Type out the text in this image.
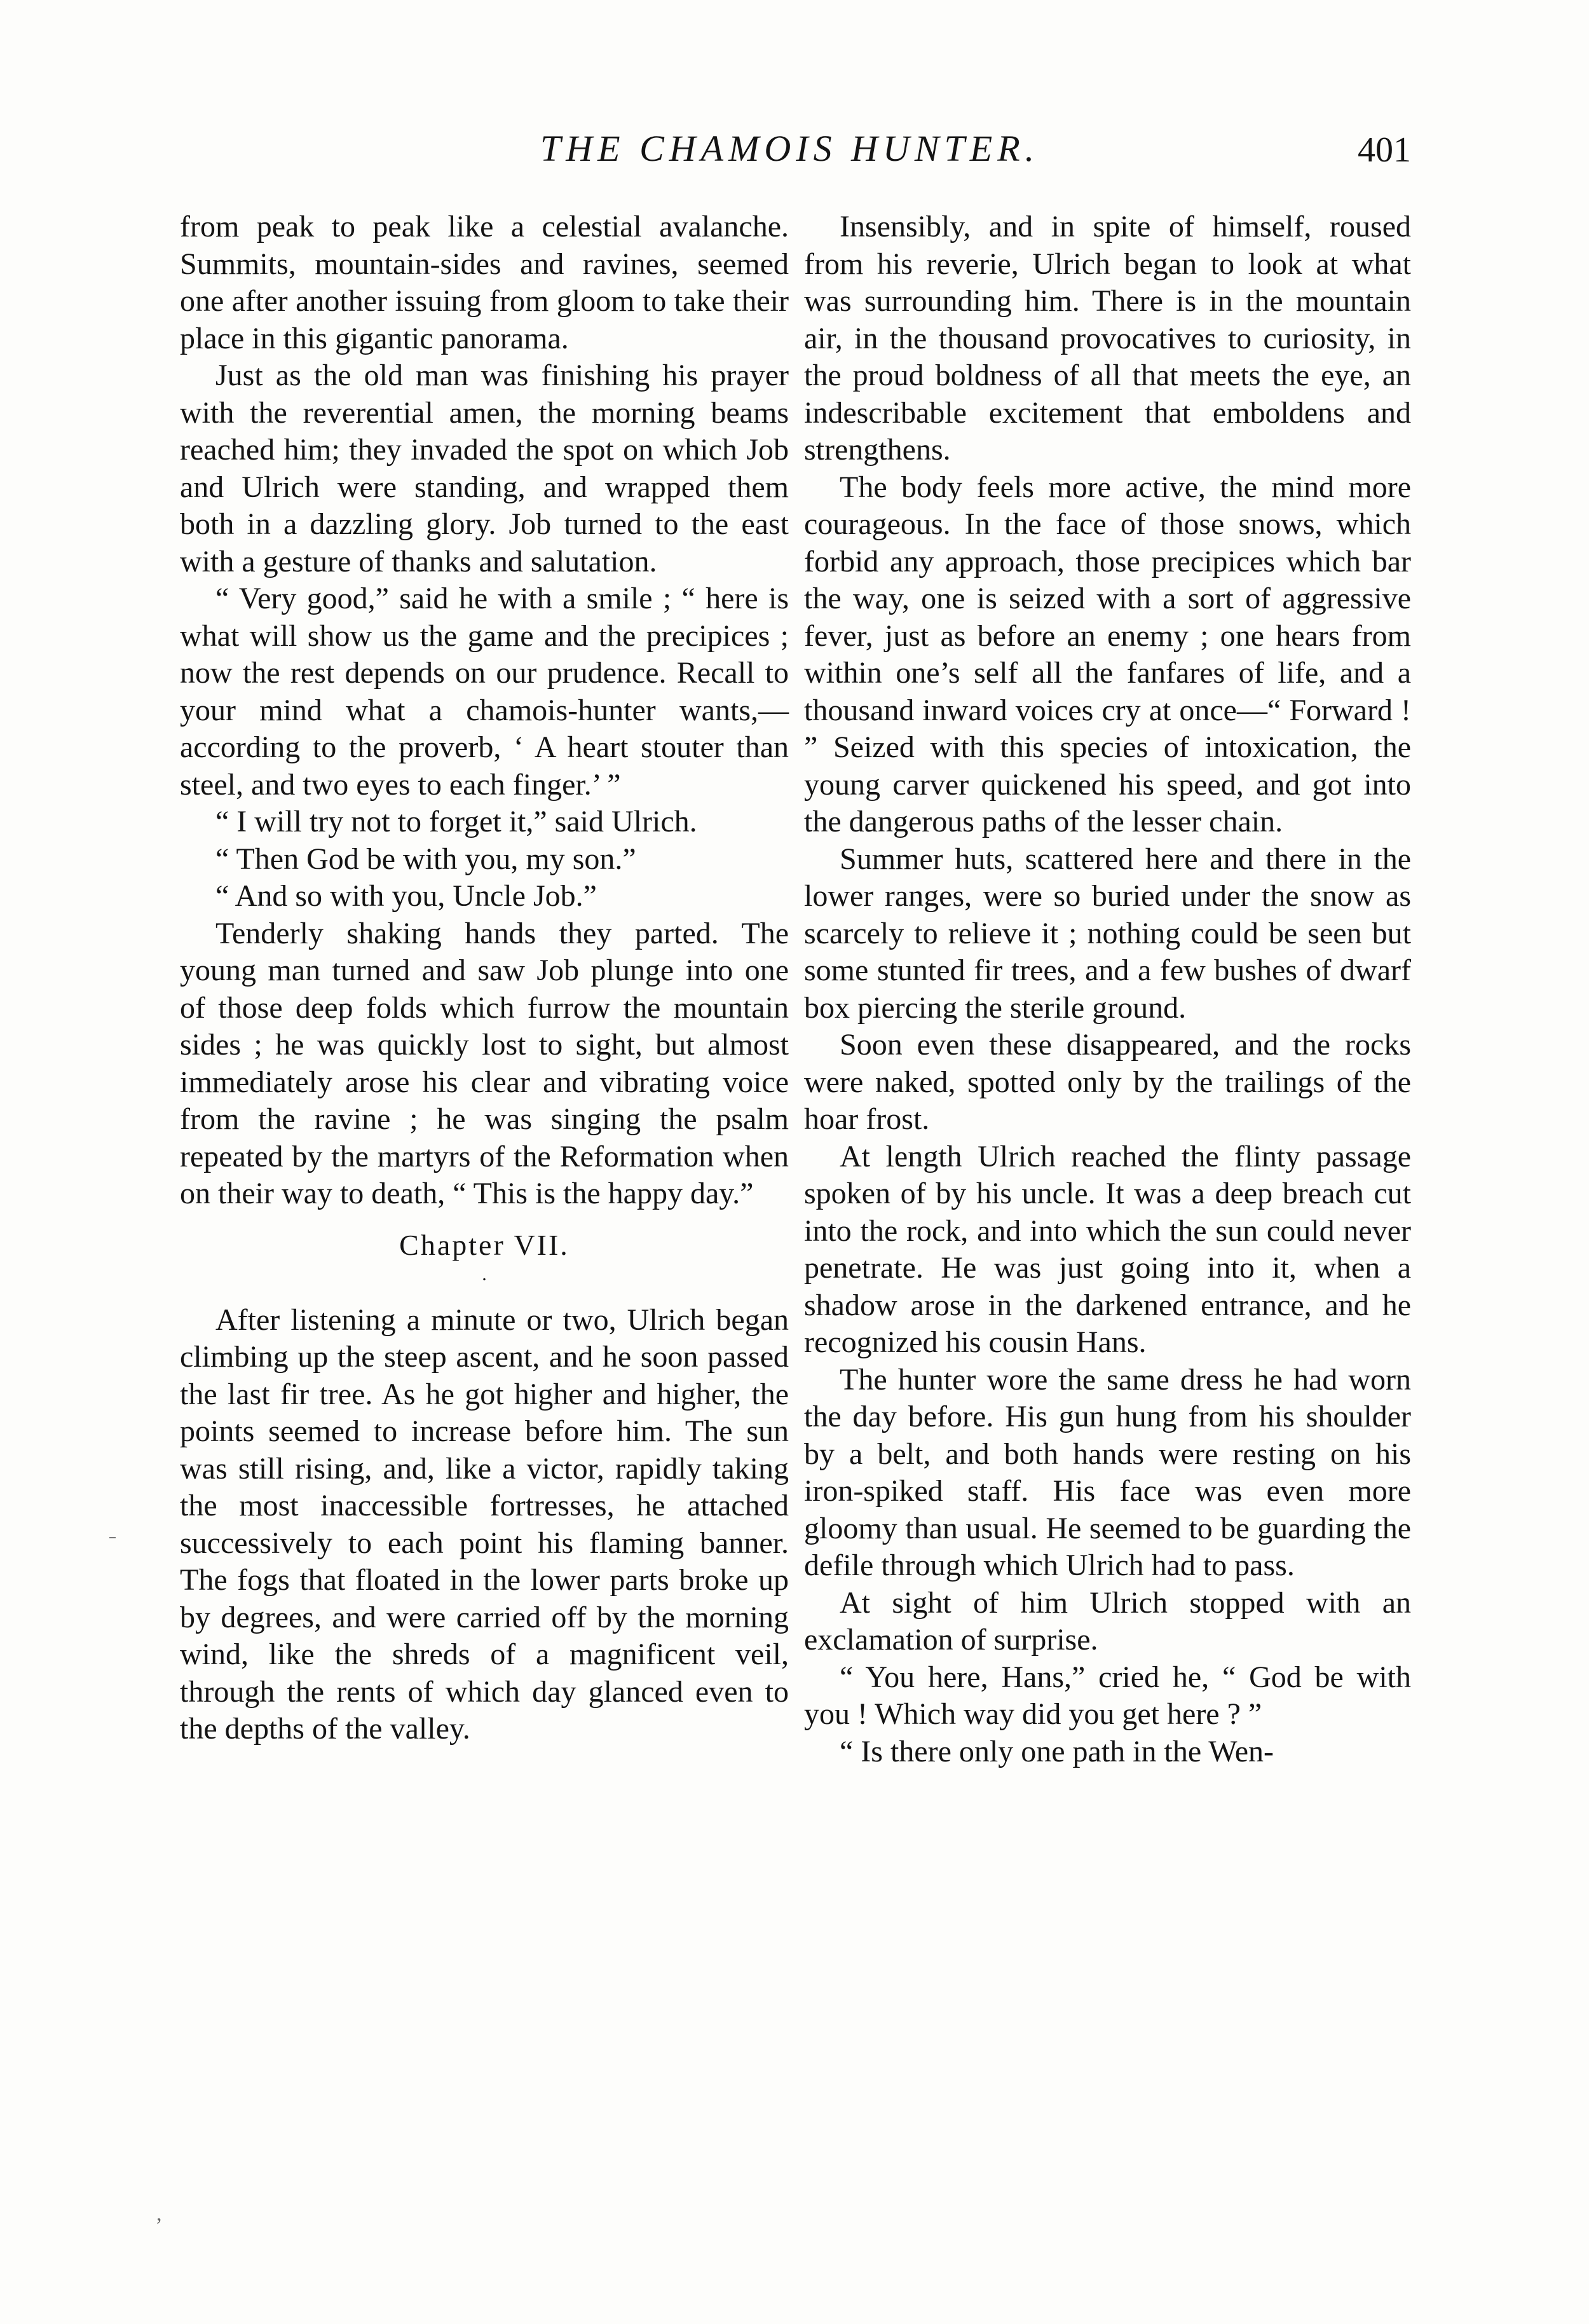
THE CHAMOIS HUNTER.	401

from peak to peak like a celestial avalanche. Summits, mountain-sides and ravines, seemed one after another issuing from gloom to take their place in this gigantic panorama.

Just as the old man was finishing his prayer with the reverential amen, the morning beams reached him; they invaded the spot on which Job and Ulrich were standing, and wrapped them both in a dazzling glory. Job turned to the east with a gesture of thanks and salutation.

“ Very good,” said he with a smile ; “ here is what will show us the game and the precipices ; now the rest depends on our prudence. Recall to your mind what a chamois-hunter wants,—according to the proverb, ‘ A heart stouter than steel, and two eyes to each finger.’ ”

“ I will try not to forget it,” said Ulrich.

“ Then God be with you, my son.”

“ And so with you, Uncle Job.”

Tenderly shaking hands they parted. The young man turned and saw Job plunge into one of those deep folds which furrow the mountain sides ; he was quickly lost to sight, but almost immediately arose his clear and vibrating voice from the ravine ; he was singing the psalm repeated by the martyrs of the Reformation when on their way to death, “ This is the happy day.”

Chapter VII.
.

After listening a minute or two, Ulrich began climbing up the steep ascent, and he soon passed the last fir tree. As he got higher and higher, the points seemed to increase before him. The sun was still rising, and, like a victor, rapidly taking the most inaccessible fortresses, he attached successively to each point his flaming banner. The fogs that floated in the lower parts broke up by degrees, and were carried off by the morning wind, like the shreds of a magnificent veil, through the rents of which day glanced even to the depths of the valley.

Insensibly, and in spite of himself, roused from his reverie, Ulrich began to look at what was surrounding him. There is in the mountain air, in the thousand provocatives to curiosity, in the proud boldness of all that meets the eye, an indescribable excitement that emboldens and strengthens.

The body feels more active, the mind more courageous. In the face of those snows, which forbid any approach, those precipices which bar the way, one is seized with a sort of aggressive fever, just as before an enemy ; one hears from within one’s self all the fanfares of life, and a thousand inward voices cry at once—“ Forward ! ” Seized with this species of intoxication, the young carver quickened his speed, and got into the dangerous paths of the lesser chain.

Summer huts, scattered here and there in the lower ranges, were so buried under the snow as scarcely to relieve it ; nothing could be seen but some stunted fir trees, and a few bushes of dwarf box piercing the sterile ground.

Soon even these disappeared, and the rocks were naked, spotted only by the trailings of the hoar frost.

At length Ulrich reached the flinty passage spoken of by his uncle. It was a deep breach cut into the rock, and into which the sun could never penetrate. He was just going into it, when a shadow arose in the darkened entrance, and he recognized his cousin Hans.

The hunter wore the same dress he had worn the day before. His gun hung from his shoulder by a belt, and both hands were resting on his iron-spiked staff. His face was even more gloomy than usual. He seemed to be guarding the defile through which Ulrich had to pass.

At sight of him Ulrich stopped with an exclamation of surprise.

“ You here, Hans,” cried he, “ God be with you ! Which way did you get here ? ”

“ Is there only one path in the Wen-

,
